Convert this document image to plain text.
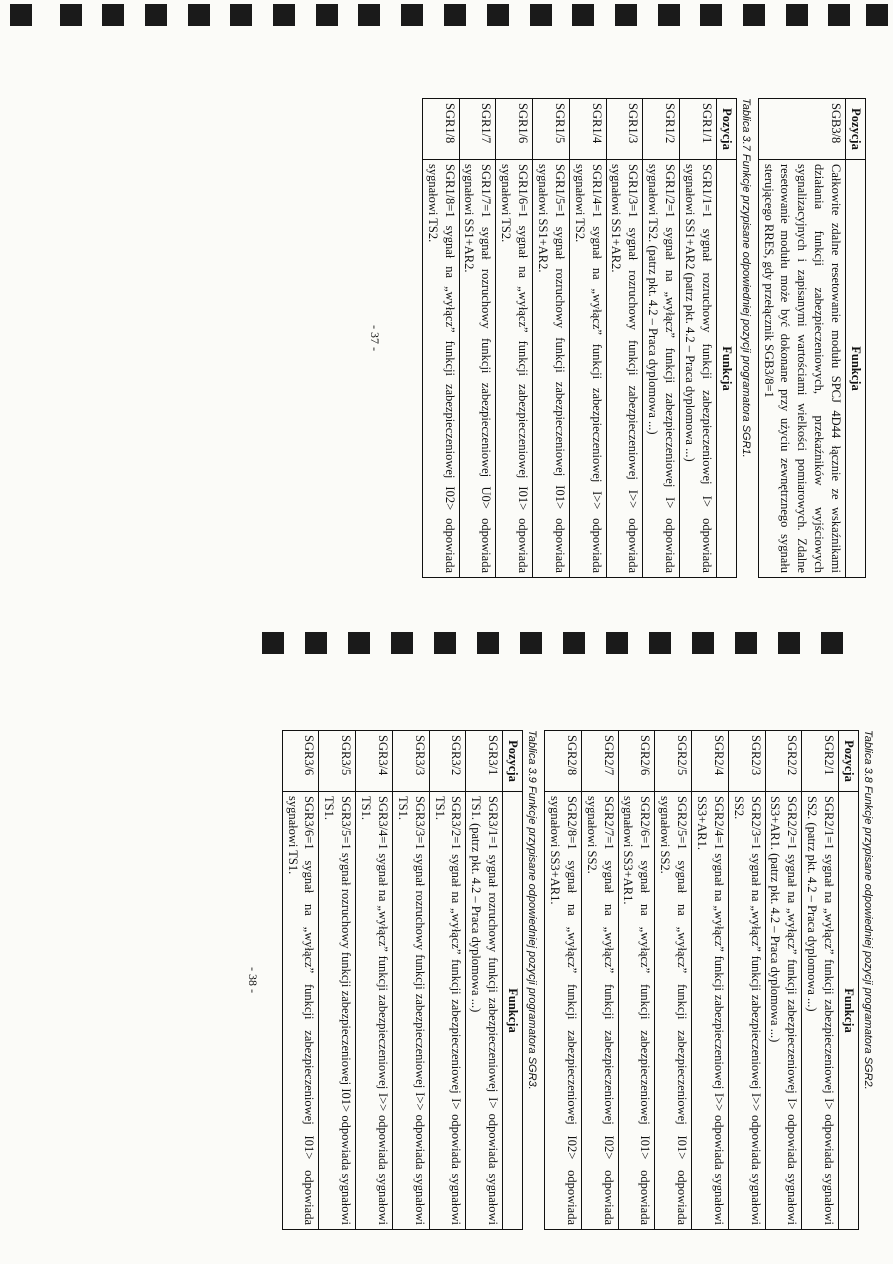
Pozycja	Funkcja
SGB3/8	Całkowite zdalne resetowanie modułu SPCJ 4D44 łącznie ze wskaźnikami działania funkcji zabezpieczeniowych, przekaźników wyjściowych sygnalizacyjnych i zapisanymi wartościami wielkości pomiarowych. Zdalne resetowanie modułu może być dokonane przy użyciu zewnętrznego sygnału sterującego RRES, gdy przełącznik SGB3/8=1
Tablica 3.7 Funkcje przypisane odpowiedniej pozycji programatora SGR1.
Pozycja	Funkcja
SGR1/1	SGR1/1=1 sygnał rozruchowy funkcji zabezpieczeniowej I> odpowiada sygnałowi SS1+AR2 (patrz pkt. 4.2 – Praca dyplomowa ...)
SGR1/2	SGR1/2=1 sygnał na „wyłącz” funkcji zabezpieczeniowej I> odpowiada sygnałowi TS2. (patrz pkt. 4.2 – Praca dyplomowa ...)
SGR1/3	SGR1/3=1 sygnał rozruchowy funkcji zabezpieczeniowej I>> odpowiada sygnałowi SS1+AR2.
SGR1/4	SGR1/4=1 sygnał na „wyłącz” funkcji zabezpieczeniowej I>> odpowiada sygnałowi TS2.
SGR1/5	SGR1/5=1 sygnał rozruchowy funkcji zabezpieczeniowej I01> odpowiada sygnałowi SS1+AR2.
SGR1/6	SGR1/6=1 sygnał na „wyłącz” funkcji zabezpieczeniowej I01> odpowiada sygnałowi TS2.
SGR1/7	SGR1/7=1 sygnał rozruchowy funkcji zabezpieczeniowej U0> odpowiada sygnałowi SS1+AR2.
SGR1/8	SGR1/8=1 sygnał na „wyłącz” funkcji zabezpieczeniowej I02> odpowiada sygnałowi TS2.
- 37 -
Tablica 3.8 Funkcje przypisane odpowiedniej pozycji programatora SGR2.
Pozycja	Funkcja
SGR2/1	SGR2/1=1 sygnał na „wyłącz” funkcji zabezpieczeniowej I> odpowiada sygnałowi SS2. (patrz pkt. 4.2 – Praca dyplomowa ...)
SGR2/2	SGR2/2=1 sygnał na „wyłącz” funkcji zabezpieczeniowej I> odpowiada sygnałowi SS3+AR1. (patrz pkt. 4.2 – Praca dyplomowa ...)
SGR2/3	SGR2/3=1 sygnał na „wyłącz” funkcji zabezpieczeniowej I>> odpowiada sygnałowi SS2.
SGR2/4	SGR2/4=1 sygnał na „wyłącz” funkcji zabezpieczeniowej I>> odpowiada sygnałowi SS3+AR1.
SGR2/5	SGR2/5=1 sygnał na „wyłącz” funkcji zabezpieczeniowej I01> odpowiada sygnałowi SS2.
SGR2/6	SGR2/6=1 sygnał na „wyłącz” funkcji zabezpieczeniowej I01> odpowiada sygnałowi SS3+AR1.
SGR2/7	SGR2/7=1 sygnał na „wyłącz” funkcji zabezpieczeniowej I02> odpowiada sygnałowi SS2.
SGR2/8	SGR2/8=1 sygnał na „wyłącz” funkcji zabezpieczeniowej I02> odpowiada sygnałowi SS3+AR1.
Tablica 3.9 Funkcje przypisane odpowiedniej pozycji programatora SGR3.
Pozycja	Funkcja
SGR3/1	SGR3/1=1 sygnał rozruchowy funkcji zabezpieczeniowej I> odpowiada sygnałowi TS1. (patrz pkt. 4.2 – Praca dyplomowa ...)
SGR3/2	SGR3/2=1 sygnał na „wyłącz” funkcji zabezpieczeniowej I> odpowiada sygnałowi TS1.
SGR3/3	SGR3/3=1 sygnał rozruchowy funkcji zabezpieczeniowej I>> odpowiada sygnałowi TS1.
SGR3/4	SGR3/4=1 sygnał na „wyłącz” funkcji zabezpieczeniowej I>> odpowiada sygnałowi TS1.
SGR3/5	SGR3/5=1 sygnał rozruchowy funkcji zabezpieczeniowej I01> odpowiada sygnałowi TS1.
SGR3/6	SGR3/6=1 sygnał na „wyłącz” funkcji zabezpieczeniowej I01> odpowiada sygnałowi TS1.
- 38 -
